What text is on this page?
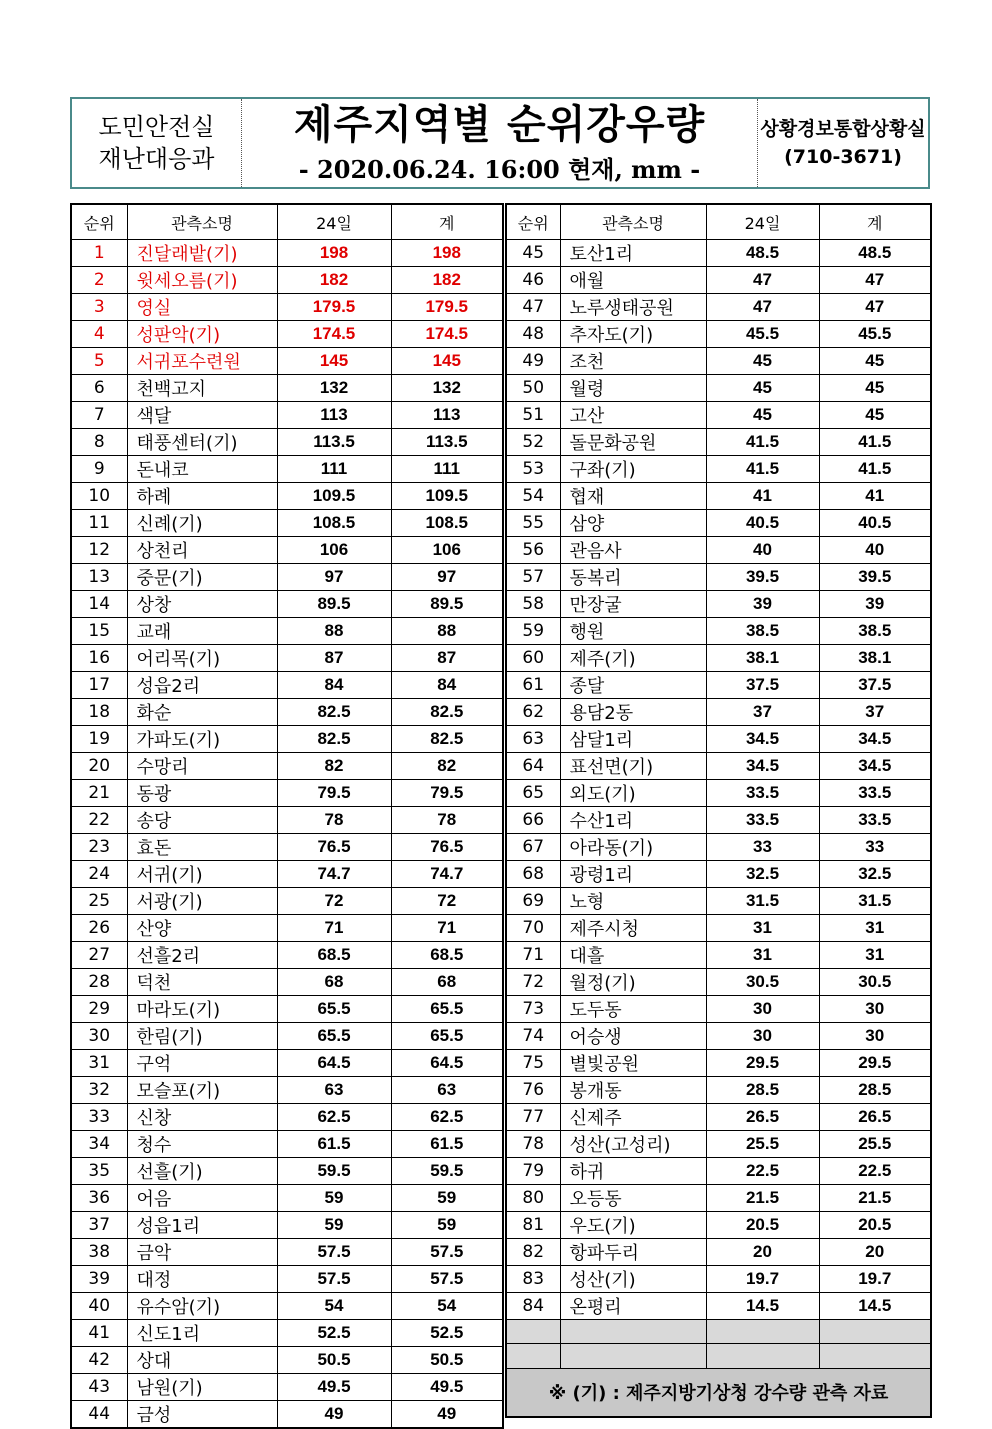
도민안전실
재난대응과
제주지역별 순위강우량
- 2020.06.24. 16:00 현재, mm -
상황경보통합상황실
(710-3671)
순위	관측소명	24일	계
1	진달래밭(기)	198	198
2	윗세오름(기)	182	182
3	영실	179.5	179.5
4	성판악(기)	174.5	174.5
5	서귀포수련원	145	145
6	천백고지	132	132
7	색달	113	113
8	태풍센터(기)	113.5	113.5
9	돈내코	111	111
10	하례	109.5	109.5
11	신례(기)	108.5	108.5
12	상천리	106	106
13	중문(기)	97	97
14	상창	89.5	89.5
15	교래	88	88
16	어리목(기)	87	87
17	성읍2리	84	84
18	화순	82.5	82.5
19	가파도(기)	82.5	82.5
20	수망리	82	82
21	동광	79.5	79.5
22	송당	78	78
23	효돈	76.5	76.5
24	서귀(기)	74.7	74.7
25	서광(기)	72	72
26	산양	71	71
27	선흘2리	68.5	68.5
28	덕천	68	68
29	마라도(기)	65.5	65.5
30	한림(기)	65.5	65.5
31	구억	64.5	64.5
32	모슬포(기)	63	63
33	신창	62.5	62.5
34	청수	61.5	61.5
35	선흘(기)	59.5	59.5
36	어음	59	59
37	성읍1리	59	59
38	금악	57.5	57.5
39	대정	57.5	57.5
40	유수암(기)	54	54
41	신도1리	52.5	52.5
42	상대	50.5	50.5
43	남원(기)	49.5	49.5
44	금성	49	49
순위	관측소명	24일	계
45	토산1리	48.5	48.5
46	애월	47	47
47	노루생태공원	47	47
48	추자도(기)	45.5	45.5
49	조천	45	45
50	월령	45	45
51	고산	45	45
52	돌문화공원	41.5	41.5
53	구좌(기)	41.5	41.5
54	협재	41	41
55	삼양	40.5	40.5
56	관음사	40	40
57	동복리	39.5	39.5
58	만장굴	39	39
59	행원	38.5	38.5
60	제주(기)	38.1	38.1
61	종달	37.5	37.5
62	용담2동	37	37
63	삼달1리	34.5	34.5
64	표선면(기)	34.5	34.5
65	외도(기)	33.5	33.5
66	수산1리	33.5	33.5
67	아라동(기)	33	33
68	광령1리	32.5	32.5
69	노형	31.5	31.5
70	제주시청	31	31
71	대흘	31	31
72	월정(기)	30.5	30.5
73	도두동	30	30
74	어승생	30	30
75	별빛공원	29.5	29.5
76	봉개동	28.5	28.5
77	신제주	26.5	26.5
78	성산(고성리)	25.5	25.5
79	하귀	22.5	22.5
80	오등동	21.5	21.5
81	우도(기)	20.5	20.5
82	항파두리	20	20
83	성산(기)	19.7	19.7
84	온평리	14.5	14.5

※ (기) : 제주지방기상청 강수량 관측 자료			
